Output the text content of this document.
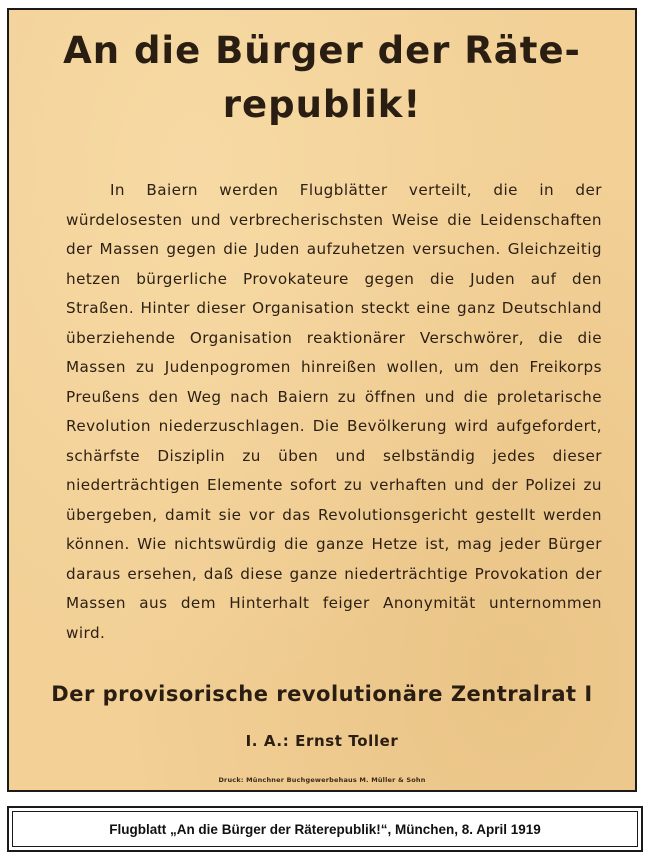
An die Bürger der Räte-
republik!

In Baiern werden Flugblätter verteilt, die in der würdelosesten und verbrecherischsten Weise die Leidenschaften der Massen gegen die Juden aufzuhetzen versuchen. Gleichzeitig hetzen bürgerliche Provokateure gegen die Juden auf den Straßen. Hinter dieser Organisation steckt eine ganz Deutschland überziehende Organisation reaktionärer Verschwörer, die die Massen zu Judenpogromen hinreißen wollen, um den Freikorps Preußens den Weg nach Baiern zu öffnen und die proletarische Revolution niederzuschlagen. Die Bevölkerung wird aufgefordert, schärfste Disziplin zu üben und selbständig jedes dieser niederträchtigen Elemente sofort zu verhaften und der Polizei zu übergeben, damit sie vor das Revolutionsgericht gestellt werden können. Wie nichtswürdig die ganze Hetze ist, mag jeder Bürger daraus ersehen, daß diese ganze niederträchtige Provokation der Massen aus dem Hinterhalt feiger Anonymität unternommen wird.

Der provisorische revolutionäre Zentralrat I

I. A.: Ernst Toller

Druck: Münchner Buchgewerbehaus M. Müller & Sohn

Flugblatt „An die Bürger der Räterepublik!“, München, 8. April 1919
